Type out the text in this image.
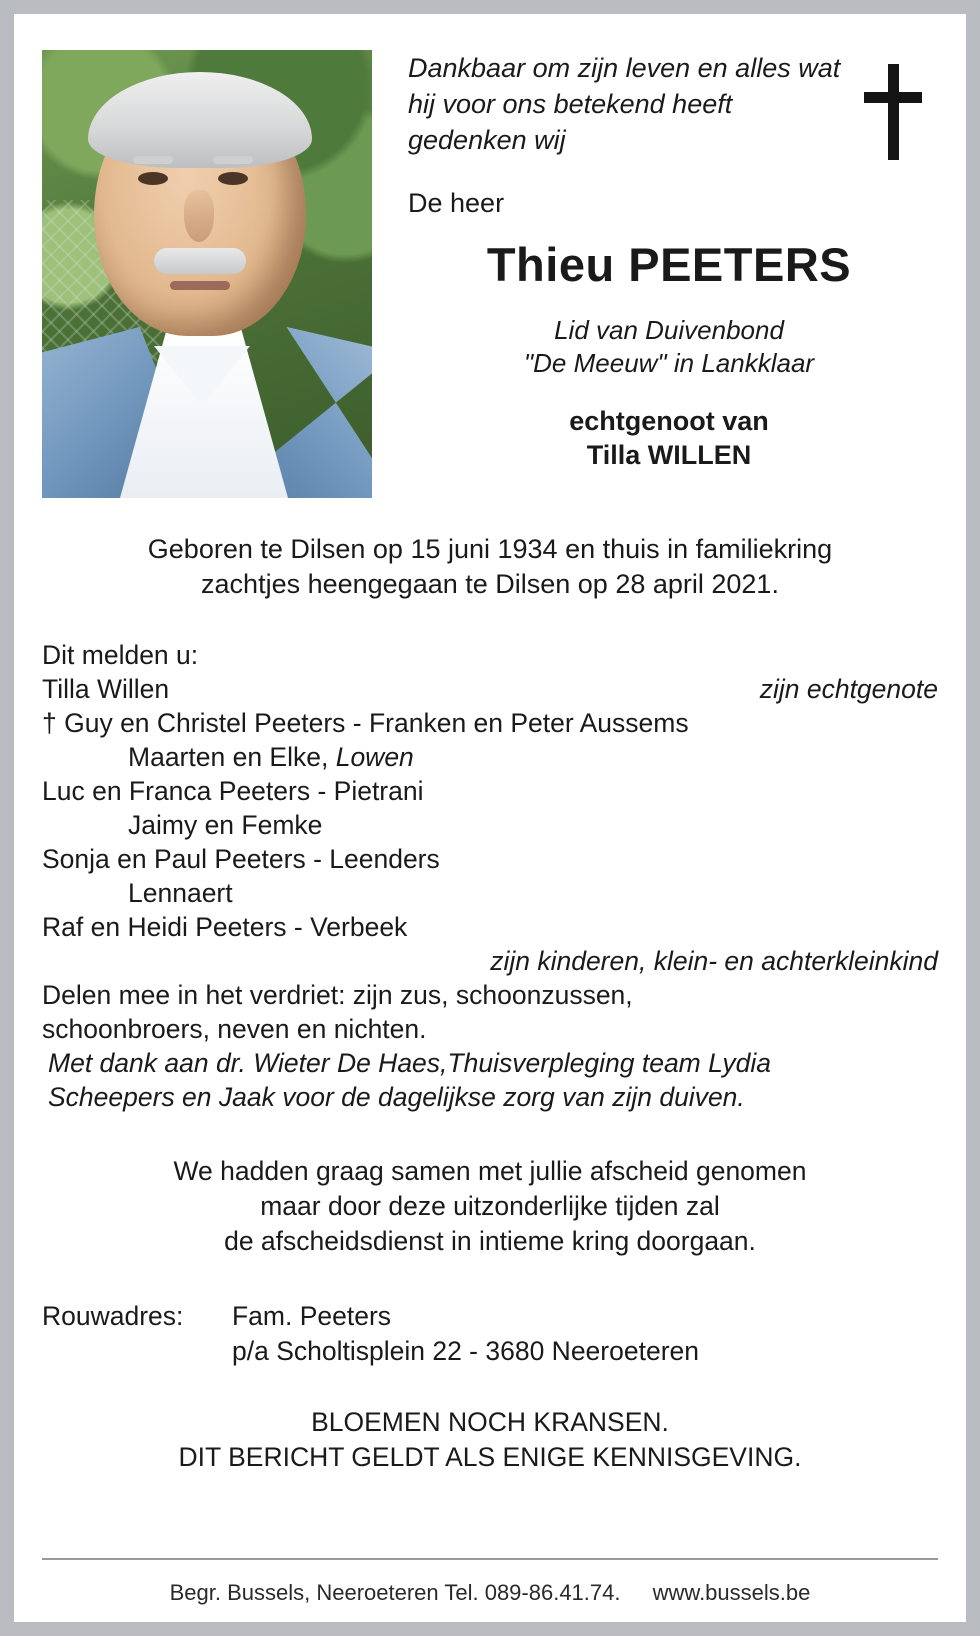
Dankbaar om zijn leven en alles wat hij voor ons betekend heeft gedenken wij

De heer

Thieu PEETERS

Lid van Duivenbond
"De Meeuw" in Lankklaar

echtgenoot van
Tilla WILLEN

Geboren te Dilsen op 15 juni 1934 en thuis in familiekring
zachtjes heengegaan te Dilsen op 28 april 2021.
Dit melden u:
zijn echtgenote
Tilla Willen
† Guy en Christel Peeters - Franken en Peter Aussems
Maarten en Elke, Lowen
Luc en Franca Peeters - Pietrani
Jaimy en Femke
Sonja en Paul Peeters - Leenders
Lennaert
Raf en Heidi Peeters - Verbeek
zijn kinderen, klein- en achterkleinkind
Delen mee in het verdriet: zijn zus, schoonzussen,
schoonbroers, neven en nichten.
Met dank aan dr. Wieter De Haes,Thuisverpleging team Lydia
Scheepers en Jaak voor de dagelijkse zorg van zijn duiven.
We hadden graag samen met jullie afscheid genomen
maar door deze uitzonderlijke tijden zal
de afscheidsdienst in intieme kring doorgaan.
Rouwadres: Fam. Peeters
p/a Scholtisplein 22 - 3680 Neeroeteren
BLOEMEN NOCH KRANSEN.
DIT BERICHT GELDT ALS ENIGE KENNISGEVING.
Begr. Bussels, Neeroeteren Tel. 089-86.41.74. www.bussels.be
